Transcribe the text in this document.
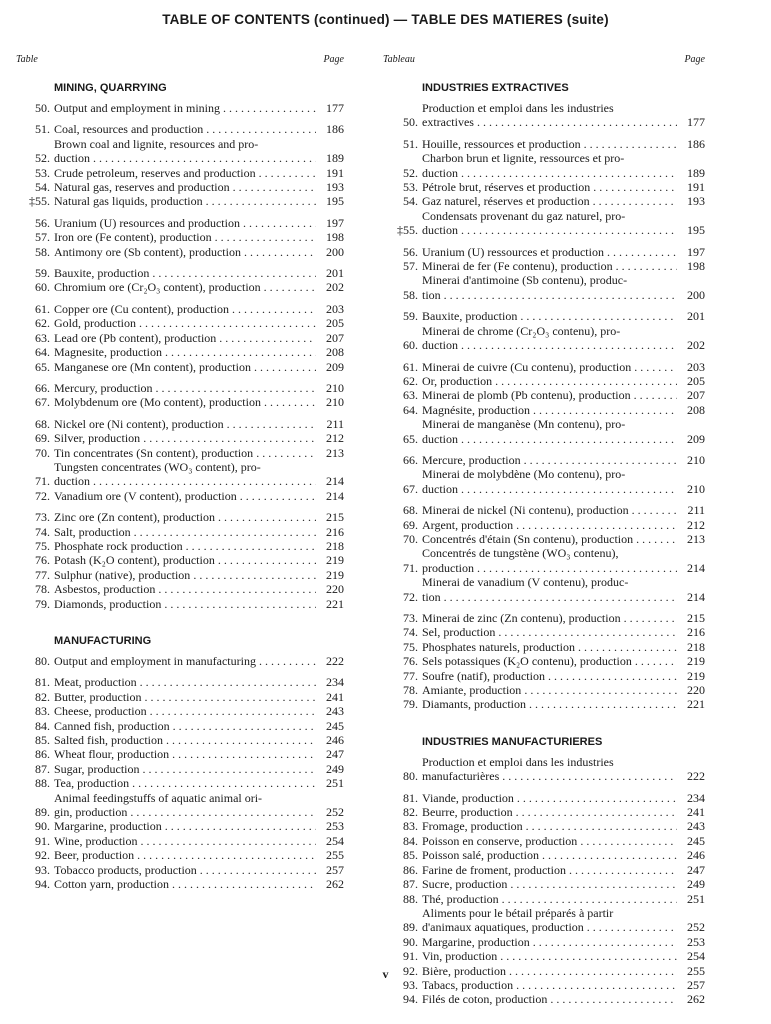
TABLE OF CONTENTS (continued) — TABLE DES MATIERES (suite)
Table	Page
MINING, QUARRYING
50. Output and employment in mining . . .	177
51. Coal, resources and production . . .	186
52.
Brown coal and lignite, resources and pro-
duction . . .	189
53. Crude petroleum, reserves and production . . .	191
54. Natural gas, reserves and production . . .	193
‡55. Natural gas liquids, production . . .	195
56. Uranium (U) resources and production . . .	197
57. Iron ore (Fe content), production . . .	198
58. Antimony ore (Sb content), production . . .	200
59. Bauxite, production . . .	201
60. Chromium ore (Cr₂O₃ content), production . . .	202
61. Copper ore (Cu content), production . . .	203
62. Gold, production . . .	205
63. Lead ore (Pb content), production . . .	207
64. Magnesite, production . . .	208
65. Manganese ore (Mn content), production . . .	209
66. Mercury, production . . .	210
67. Molybdenum ore (Mo content), production . . .	210
68. Nickel ore (Ni content), production . . .	211
69. Silver, production . . .	212
70. Tin concentrates (Sn content), production . . .	213
71.
Tungsten concentrates (WO₃ content), pro-
duction . . .	214
72. Vanadium ore (V content), production . . .	214
73. Zinc ore (Zn content), production . . .	215
74. Salt, production . . .	216
75. Phosphate rock production . . .	218
76. Potash (K₂O content), production . . .	219
77. Sulphur (native), production . . .	219
78. Asbestos, production . . .	220
79. Diamonds, production . . .	221
MANUFACTURING
80. Output and employment in manufacturing . . .	222
81. Meat, production . . .	234
82. Butter, production . . .	241
83. Cheese, production . . .	243
84. Canned fish, production . . .	245
85. Salted fish, production . . .	246
86. Wheat flour, production . . .	247
87. Sugar, production . . .	249
88. Tea, production . . .	251
89.
Animal feedingstuffs of aquatic animal ori-
gin, production . . .	252
90. Margarine, production . . .	253
91. Wine, production . . .	254
92. Beer, production . . .	255
93. Tobacco products, production . . .	257
94. Cotton yarn, production . . .	262
Tableau	Page
INDUSTRIES EXTRACTIVES
50.
Production et emploi dans les industries
extractives . . .	177
51. Houille, ressources et production . . .	186
52.
Charbon brun et lignite, ressources et pro-
duction . . .	189
53. Pétrole brut, réserves et production . . .	191
54. Gaz naturel, réserves et production . . .	193
‡55.
Condensats provenant du gaz naturel, pro-
duction . . .	195
56. Uranium (U) ressources et production . . .	197
57. Minerai de fer (Fe contenu), production . . .	198
58.
Minerai d'antimoine (Sb contenu), produc-
tion . . .	200
59. Bauxite, production . . .	201
60.
Minerai de chrome (Cr₂O₃ contenu), pro-
duction . . .	202
61. Minerai de cuivre (Cu contenu), production . . .	203
62. Or, production . . .	205
63. Minerai de plomb (Pb contenu), production . . .	207
64. Magnésite, production . . .	208
65.
Minerai de manganèse (Mn contenu), pro-
duction . . .	209
66. Mercure, production . . .	210
67.
Minerai de molybdène (Mo contenu), pro-
duction . . .	210
68. Minerai de nickel (Ni contenu), production . . .	211
69. Argent, production . . .	212
70. Concentrés d'étain (Sn contenu), production . . .	213
71.
Concentrés de tungstène (WO₃ contenu),
production . . .	214
72.
Minerai de vanadium (V contenu), produc-
tion . . .	214
73. Minerai de zinc (Zn contenu), production . . .	215
74. Sel, production . . .	216
75. Phosphates naturels, production . . .	218
76. Sels potassiques (K₂O contenu), production . . .	219
77. Soufre (natif), production . . .	219
78. Amiante, production . . .	220
79. Diamants, production . . .	221
INDUSTRIES MANUFACTURIERES
80.
Production et emploi dans les industries
manufacturières . . .	222
81. Viande, production . . .	234
82. Beurre, production . . .	241
83. Fromage, production . . .	243
84. Poisson en conserve, production . . .	245
85. Poisson salé, production . . .	246
86. Farine de froment, production . . .	247
87. Sucre, production . . .	249
88. Thé, production . . .	251
89.
Aliments pour le bétail préparés à partir
d'animaux aquatiques, production . . .	252
90. Margarine, production . . .	253
91. Vin, production . . .	254
92. Bière, production . . .	255
93. Tabacs, production . . .	257
94. Filés de coton, production . . .	262
v
